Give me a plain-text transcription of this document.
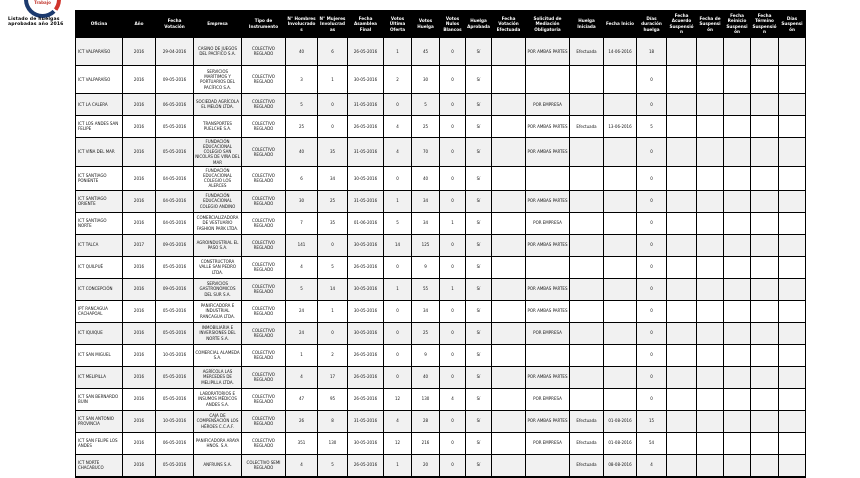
Trabajo
Listado de huelgas aprobadas año 2016	Oficina	Año	Fecha Votación	Empresa	Tipo de Instrumento	N° Hombres Involucrados	N° Mujeres Involucradas	Fecha Asamblea Final	Votos Última Oferta	Votos Huelga	Votos Nulos Blancos	Huelga Aprobada	Fecha Votación Efectuada	Solicitud de Mediación Obligatoria	Huelga Iniciada	Fecha Inicio	Días duración huelga	Fecha Acuerdo Suspensión	Fecha de Suspensión	Fecha Reinicio Suspensión	Fecha Término Suspensión	Días Suspensión
ICT VALPARAÍSO	2016	29-04-2016	CASINO DE JUEGOS DEL PACÍFICO S.A.	COLECTIVO REGLADO	40	6	26-05-2016	1	45	0	Sí		POR AMBAS PARTES	Efectuada	14-06-2016	18					
ICT VALPARAÍSO	2016	09-05-2016	SERVICIOS MARÍTIMOS Y PORTUARIOS DEL PACÍFICO S.A.	COLECTIVO REGLADO	3	1	30-05-2016	2	30	0	Sí					0					
ICT LA CALERA	2016	06-05-2016	SOCIEDAD AGRÍCOLA EL MELÓN LTDA.	COLECTIVO REGLADO	5	0	31-05-2016	0	5	0	Sí		POR EMPRESA			0					
ICT LOS ANDES SAN FELIPE	2016	05-05-2016	TRANSPORTES PUELCHE S.A.	COLECTIVO REGLADO	25	0	26-05-2016	4	25	0	Sí		POR AMBAS PARTES	Efectuada	13-06-2016	5					
ICT VIÑA DEL MAR	2016	05-05-2016	FUNDACIÓN EDUCACIONAL COLEGIO SAN NICOLÁS DE VIÑA DEL MAR	COLECTIVO REGLADO	40	35	31-05-2016	4	70	0	Sí		POR AMBAS PARTES			0					
ICT SANTIAGO PONIENTE	2016	04-05-2016	FUNDACIÓN EDUCACIONAL COLEGIO LOS ALERCES	COLECTIVO REGLADO	6	34	30-05-2016	0	40	0	Sí					0					
ICT SANTIAGO ORIENTE	2016	04-05-2016	FUNDACIÓN EDUCACIONAL COLEGIO ANDINO	COLECTIVO REGLADO	30	25	31-05-2016	1	34	0	Sí		POR AMBAS PARTES			0					
ICT SANTIAGO NORTE	2016	04-05-2016	COMERCIALIZADORA DE VESTUARIO FASHION PARK LTDA.	COLECTIVO REGLADO	7	35	01-06-2016	5	34	1	Sí		POR EMPRESA			0					
ICT TALCA	2017	09-05-2016	AGROINDUSTRIAL EL PASO S.A.	COLECTIVO REGLADO	141	0	30-05-2016	14	125	0	Sí		POR AMBAS PARTES			0					
ICT QUILPUÉ	2016	05-05-2016	CONSTRUCTORA VALLE SAN PEDRO LTDA.	COLECTIVO REGLADO	4	5	26-05-2016	0	9	0	Sí					0					
ICT CONCEPCIÓN	2016	09-05-2016	SERVICIOS GASTRONÓMICOS DEL SUR S.A.	COLECTIVO REGLADO	5	14	30-05-2016	1	55	1	Sí		POR AMBAS PARTES			0					
IPT RANCAGUA CACHAPOAL	2016	05-05-2016	PANIFICADORA E INDUSTRIAL RANCAGUA LTDA.	COLECTIVO REGLADO	24	1	30-05-2016	0	34	0	Sí		POR AMBAS PARTES			0					
ICT IQUIQUE	2016	05-05-2016	INMOBILIARIA E INVERSIONES DEL NORTE S.A.	COLECTIVO REGLADO	24	0	30-05-2016	0	25	0	Sí		POR EMPRESA			0					
ICT SAN MIGUEL	2016	10-05-2016	COMERCIAL ALAMEDA S.A.	COLECTIVO REGLADO	1	2	26-05-2016	0	9	0	Sí					0					
ICT MELIPILLA	2016	05-05-2016	AGRÍCOLA LAS MERCEDES DE MELIPILLA LTDA.	COLECTIVO REGLADO	4	17	26-05-2016	0	40	0	Sí		POR AMBAS PARTES			0					
ICT SAN BERNARDO BUIN	2016	05-05-2016	LABORATORIOS E INSUMOS MÉDICOS ANDES S.A.	COLECTIVO REGLADO	47	95	26-05-2016	12	130	4	Sí		POR EMPRESA			0					
ICT SAN ANTONIO PROVINCIA	2016	10-05-2016	CAJA DE COMPENSACIÓN LOS HÉROES C.C.A.F.	COLECTIVO REGLADO	26	8	31-05-2016	4	28	0	Sí		POR AMBAS PARTES	Efectuada	01-08-2016	15					
ICT SAN FELIPE LOS ANDES	2016	06-05-2016	PANIFICADORA ARAYA HNOS. S.A.	COLECTIVO REGLADO	351	130	30-05-2016	12	216	0	Sí		POR EMPRESA	Efectuada	01-08-2016	54					
ICT NORTE CHACABUCO	2016	05-05-2016	ANFRUNS S.A.	COLECTIVO SEMI REGLADO	4	5	26-05-2016	1	20	0	Sí			Efectuada	08-08-2016	4					
